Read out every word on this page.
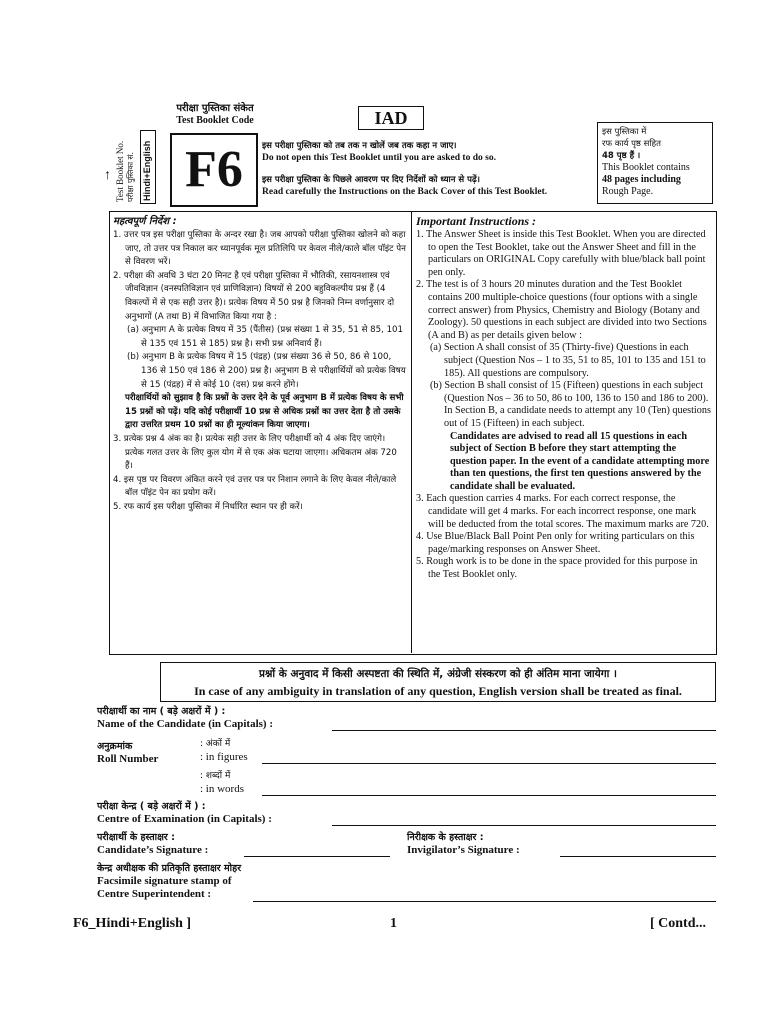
परीक्षा पुस्तिका संकेत
Test Booklet Code	IAD
↑ Test Booklet No. परीक्षा पुस्तिका सं. Hindi+English F6	इस परीक्षा पुस्तिका को तब तक न खोलें जब तक कहा न जाए।
Do not open this Test Booklet until you are asked to do so.
इस परीक्षा पुस्तिका के पिछले आवरण पर दिए निर्देशों को ध्यान से पढ़ें।
Read carefully the Instructions on the Back Cover of this Test Booklet.
इस पुस्तिका में
रफ कार्य पृष्ठ सहित
48 पृष्ठ हैं ।
This Booklet contains
48 pages including
Rough Page.

महत्वपूर्ण निर्देश :

1. उत्तर पत्र इस परीक्षा पुस्तिका के अन्दर रखा है। जब आपको परीक्षा पुस्तिका खोलने को कहा जाए, तो उत्तर पत्र निकाल कर ध्यानपूर्वक मूल प्रतिलिपि पर केवल नीले/काले बॉल पॉइंट पेन से विवरण भरें।

2. परीक्षा की अवधि 3 घंटा 20 मिनट है एवं परीक्षा पुस्तिका में भौतिकी, रसायनशास्त्र एवं जीवविज्ञान (वनस्पतिविज्ञान एवं प्राणिविज्ञान) विषयों से 200 बहुविकल्पीय प्रश्न हैं (4 विकल्पों में से एक सही उत्तर है)। प्रत्येक विषय में 50 प्रश्न है जिनको निम्न वर्णानुसार दो अनुभागों (A तथा B) में विभाजित किया गया है :

(a) अनुभाग A के प्रत्येक विषय में 35 (पैंतीस) (प्रश्न संख्या 1 से 35, 51 से 85, 101 से 135 एवं 151 से 185) प्रश्न है। सभी प्रश्न अनिवार्य हैं।

(b) अनुभाग B के प्रत्येक विषय में 15 (पंद्रह) (प्रश्न संख्या 36 से 50, 86 से 100, 136 से 150 एवं 186 से 200) प्रश्न है। अनुभाग B से परीक्षार्थियों को प्रत्येक विषय से 15 (पंद्रह) में से कोई 10 (दस) प्रश्न करने होंगे।

परीक्षार्थियों को सुझाव है कि प्रश्नों के उत्तर देने के पूर्व अनुभाग B में प्रत्येक विषय के सभी 15 प्रश्नों को पढ़ें। यदि कोई परीक्षार्थी 10 प्रश्न से अधिक प्रश्नों का उत्तर देता है तो उसके द्वारा उत्तरित प्रथम 10 प्रश्नों का ही मूल्यांकन किया जाएगा।

3. प्रत्येक प्रश्न 4 अंक का है। प्रत्येक सही उत्तर के लिए परीक्षार्थी को 4 अंक दिए जाएंगे। प्रत्येक गलत उत्तर के लिए कुल योग में से एक अंक घटाया जाएगा। अधिकतम अंक 720 हैं।

4. इस पृष्ठ पर विवरण अंकित करने एवं उत्तर पत्र पर निशान लगाने के लिए केवल नीले/काले बॉल पॉइंट पेन का प्रयोग करें।

5. रफ कार्य इस परीक्षा पुस्तिका में निर्धारित स्थान पर ही करें।

Important Instructions :

1. The Answer Sheet is inside this Test Booklet. When you are directed to open the Test Booklet, take out the Answer Sheet and fill in the particulars on ORIGINAL Copy carefully with blue/black ball point pen only.

2. The test is of 3 hours 20 minutes duration and the Test Booklet contains 200 multiple-choice questions (four options with a single correct answer) from Physics, Chemistry and Biology (Botany and Zoology). 50 questions in each subject are divided into two Sections (A and B) as per details given below :

(a) Section A shall consist of 35 (Thirty-five) Questions in each subject (Question Nos – 1 to 35, 51 to 85, 101 to 135 and 151 to 185). All questions are compulsory.

(b) Section B shall consist of 15 (Fifteen) questions in each subject (Question Nos – 36 to 50, 86 to 100, 136 to 150 and 186 to 200). In Section B, a candidate needs to attempt any 10 (Ten) questions out of 15 (Fifteen) in each subject.

Candidates are advised to read all 15 questions in each subject of Section B before they start attempting the question paper. In the event of a candidate attempting more than ten questions, the first ten questions answered by the candidate shall be evaluated.

3. Each question carries 4 marks. For each correct response, the candidate will get 4 marks. For each incorrect response, one mark will be deducted from the total scores. The maximum marks are 720.

4. Use Blue/Black Ball Point Pen only for writing particulars on this page/marking responses on Answer Sheet.

5. Rough work is to be done in the space provided for this purpose in the Test Booklet only.

प्रश्नों के अनुवाद में किसी अस्पष्टता की स्थिति में, अंग्रेजी संस्करण को ही अंतिम माना जायेगा ।
In case of any ambiguity in translation of any question, English version shall be treated as final.
परीक्षार्थी का नाम ( बड़े अक्षरों में ) :
Name of the Candidate (in Capitals) :
अनुक्रमांक
Roll Number
: अंकों में
: in figures
: शब्दों में
: in words
परीक्षा केन्द्र ( बड़े अक्षरों में ) :
Centre of Examination (in Capitals) :
परीक्षार्थी के हस्ताक्षर :
Candidate’s Signature :
निरीक्षक के हस्ताक्षर :
Invigilator’s Signature :
केन्द्र अधीक्षक की प्रतिकृति हस्ताक्षर मोहर
Facsimile signature stamp of
Centre Superintendent :
F6_Hindi+English ]	1	[ Contd...
